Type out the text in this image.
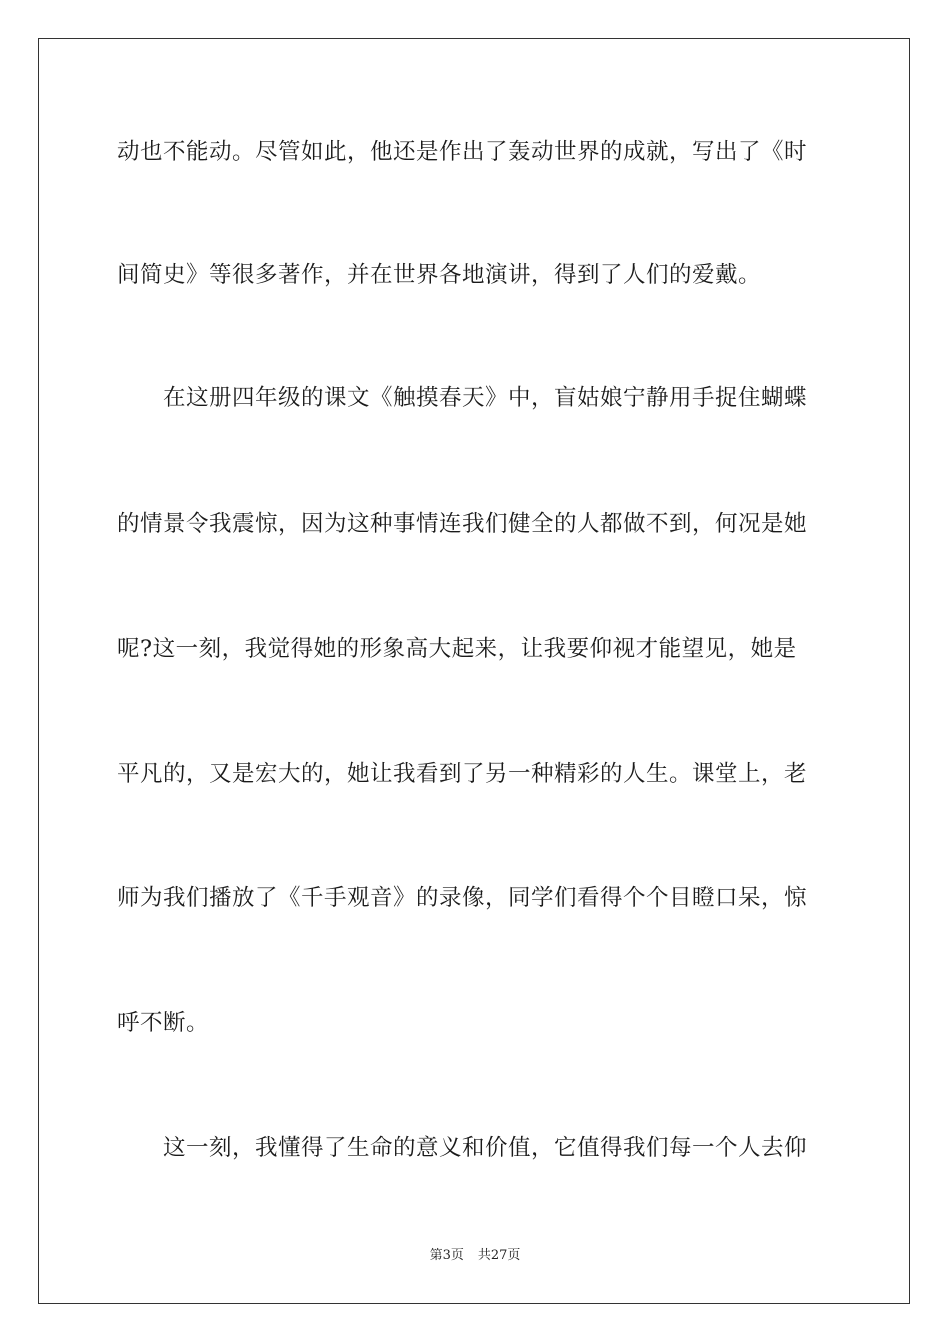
动也不能动。尽管如此，他还是作出了轰动世界的成就，写出了《时
间简史》等很多著作，并在世界各地演讲，得到了人们的爱戴。
在这册四年级的课文《触摸春天》中，盲姑娘宁静用手捉住蝴蝶
的情景令我震惊，因为这种事情连我们健全的人都做不到，何况是她
呢?这一刻，我觉得她的形象高大起来，让我要仰视才能望见，她是
平凡的，又是宏大的，她让我看到了另一种精彩的人生。课堂上，老
师为我们播放了《千手观音》的录像，同学们看得个个目瞪口呆，惊
呼不断。
这一刻，我懂得了生命的意义和价值，它值得我们每一个人去仰
第3页 共27页
